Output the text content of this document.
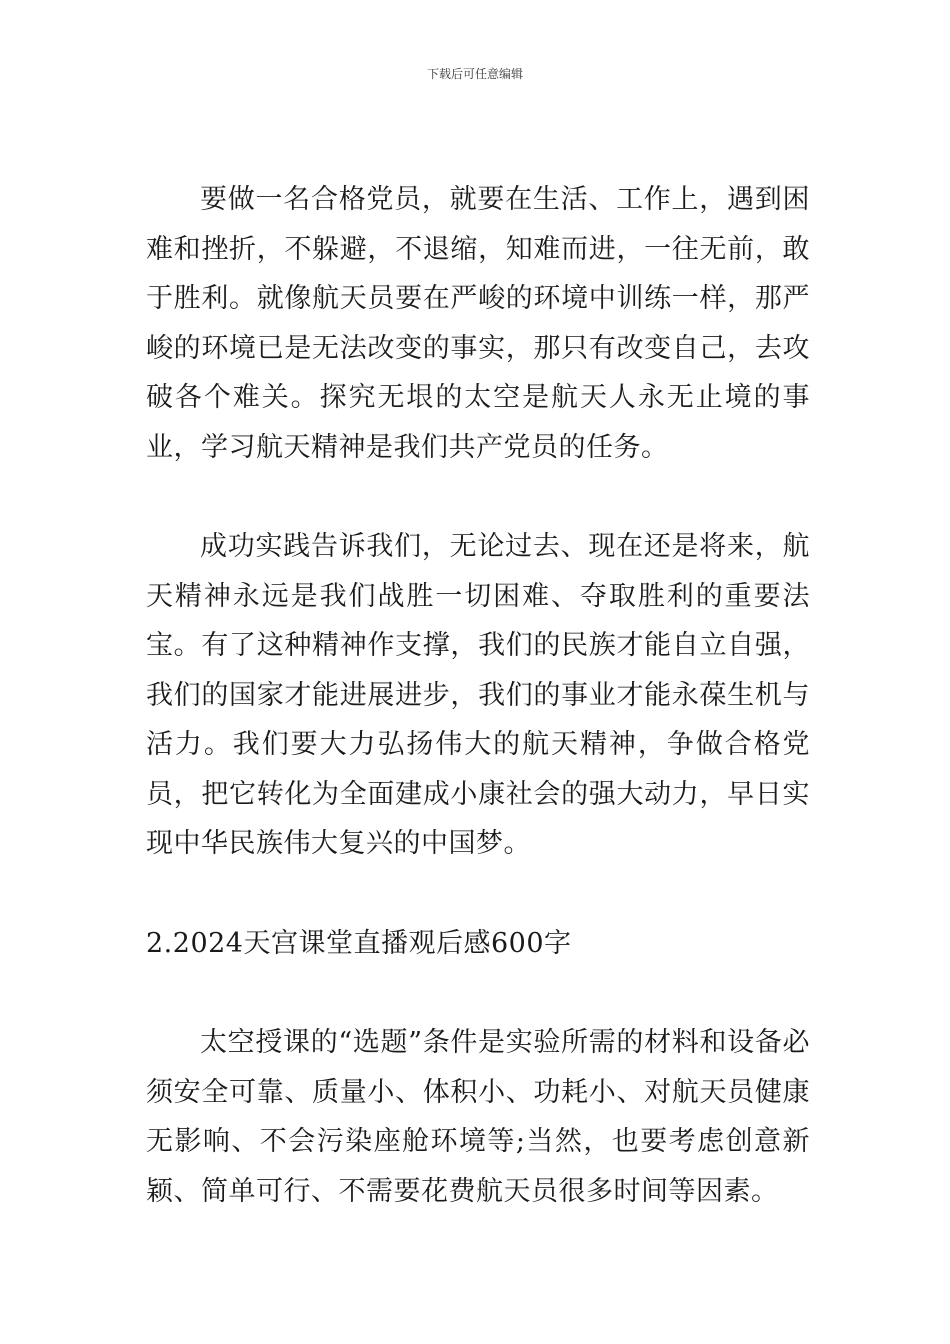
下载后可任意编辑

要做一名合格党员，就要在生活、工作上，遇到困难和挫折，不躲避，不退缩，知难而进，一往无前，敢于胜利。就像航天员要在严峻的环境中训练一样，那严峻的环境已是无法改变的事实，那只有改变自己，去攻破各个难关。探究无垠的太空是航天人永无止境的事业，学习航天精神是我们共产党员的任务。

成功实践告诉我们，无论过去、现在还是将来，航天精神永远是我们战胜一切困难、夺取胜利的重要法宝。有了这种精神作支撑，我们的民族才能自立自强，我们的国家才能进展进步，我们的事业才能永葆生机与活力。我们要大力弘扬伟大的航天精神，争做合格党员，把它转化为全面建成小康社会的强大动力，早日实现中华民族伟大复兴的中国梦。

2.2024天宫课堂直播观后感600字

太空授课的“选题”条件是实验所需的材料和设备必须安全可靠、质量小、体积小、功耗小、对航天员健康无影响、不会污染座舱环境等;当然，也要考虑创意新颖、简单可行、不需要花费航天员很多时间等因素。
